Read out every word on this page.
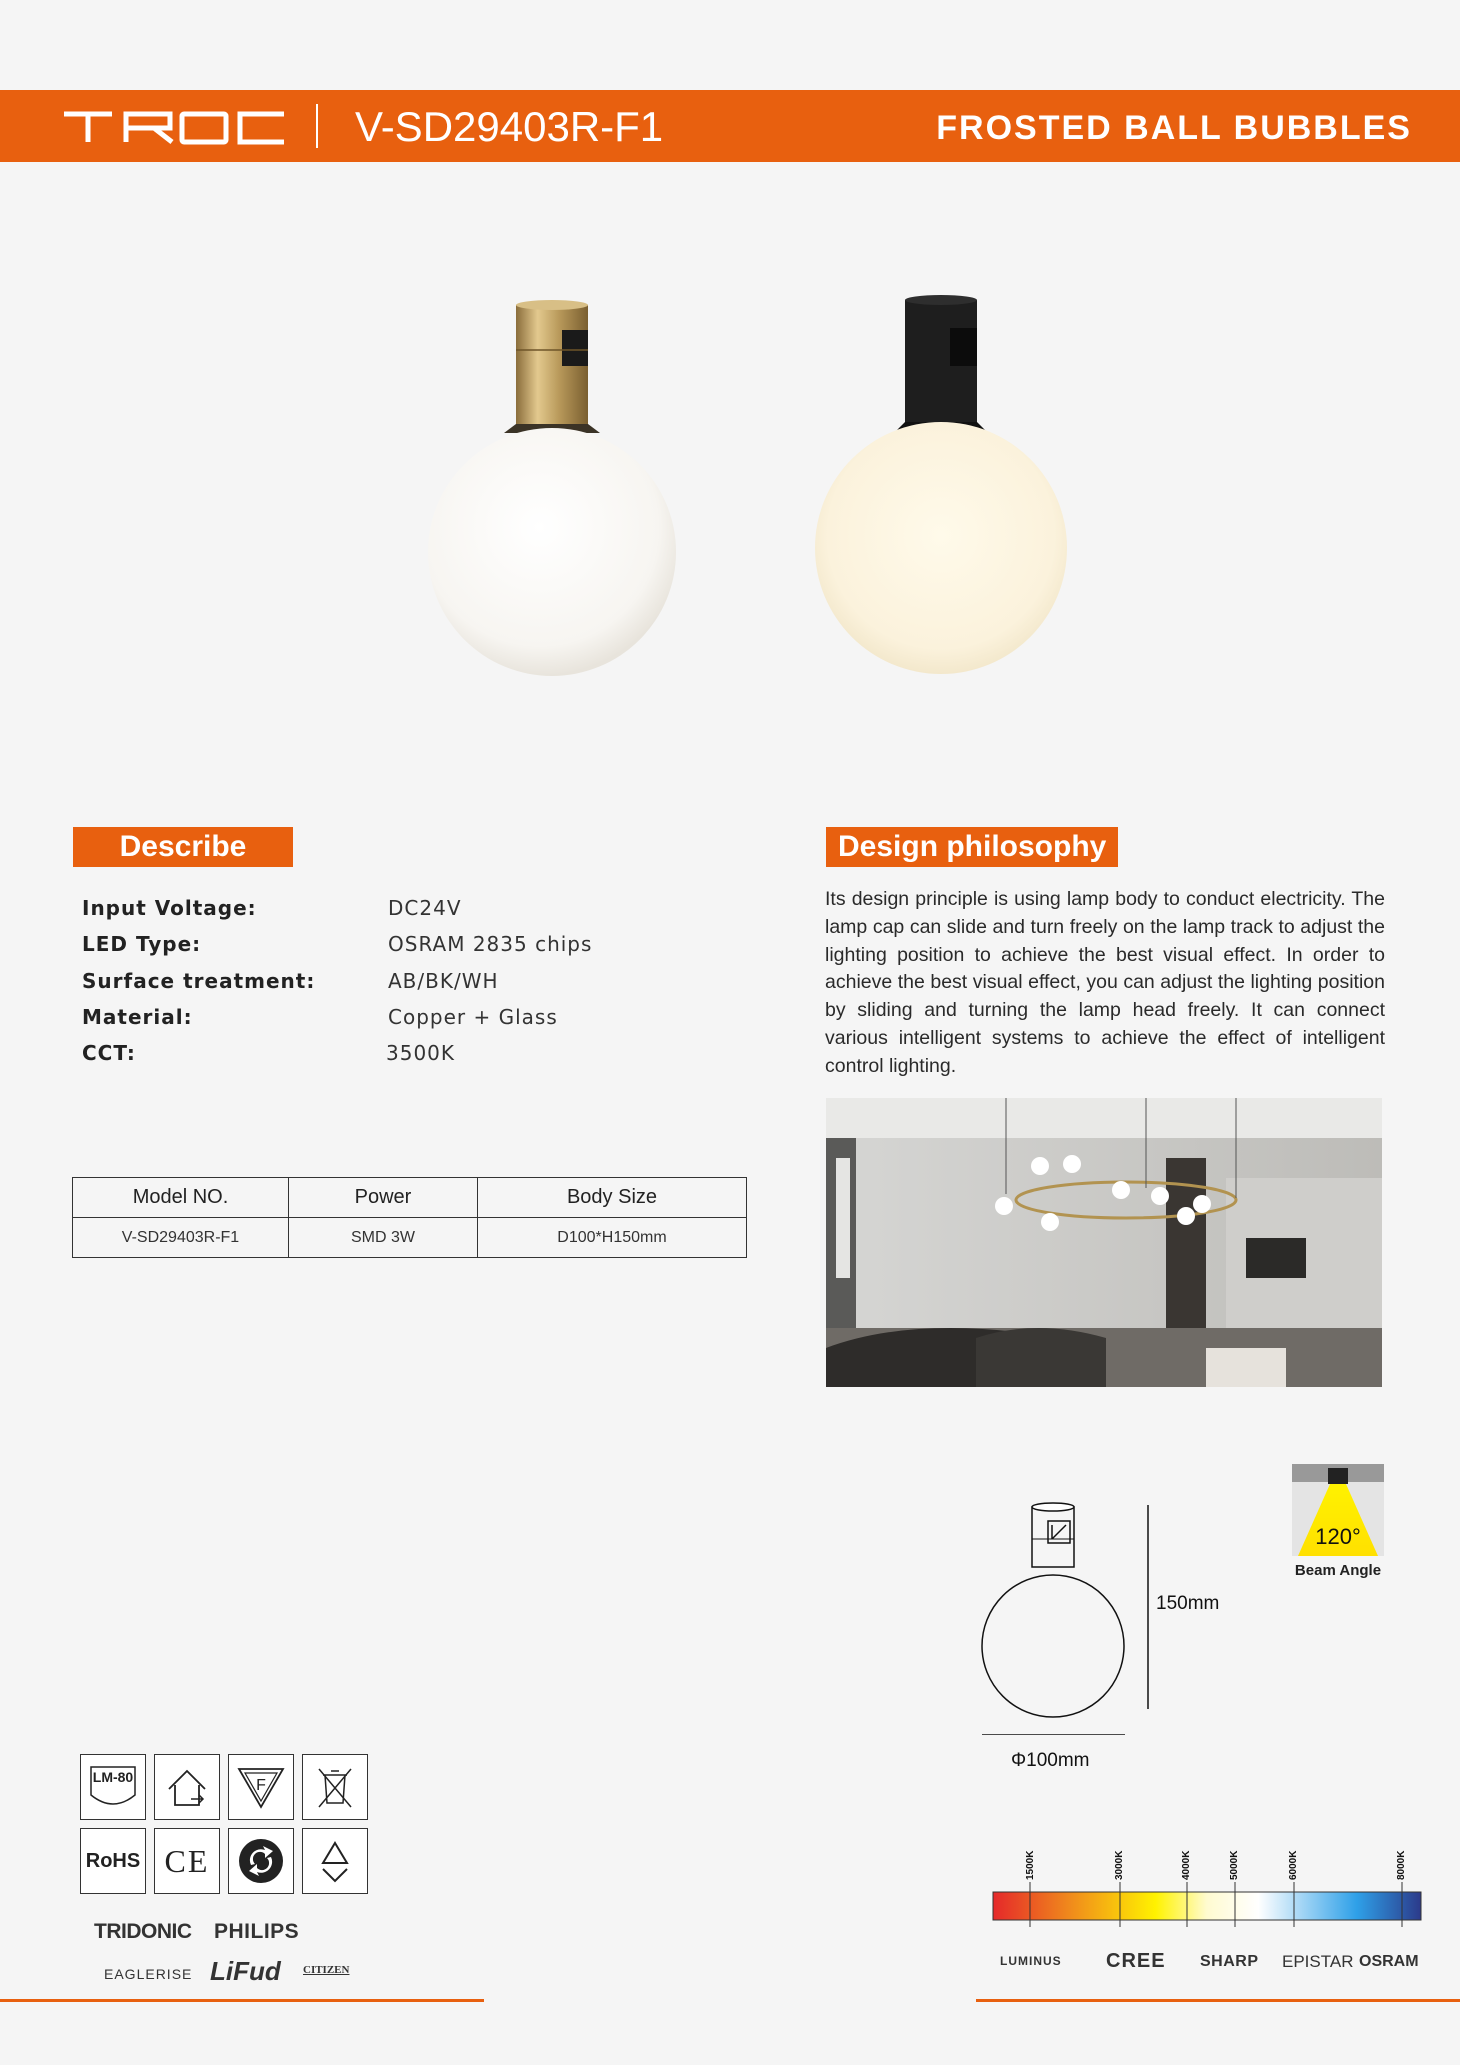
V-SD29403R-F1	FROSTED BALL BUBBLES
Describe
Input Voltage:	DC24V
LED Type:	OSRAM 2835 chips
Surface treatment:	AB/BK/WH
Material:	Copper + Glass
CCT:	3500K
Design philosophy
Its design principle is using lamp body to conduct electricity. The lamp cap can slide and turn freely on the lamp track to adjust the lighting position to achieve the best visual effect. In order to achieve the best visual effect, you can adjust the lighting position by sliding and turning the lamp head freely. It can connect various intelligent systems to achieve the effect of intelligent control lighting.
Model NO.	Power	Body Size
V-SD29403R-F1	SMD 3W	D100*H150mm
150mm
Φ100mm
120°
Beam Angle
1500K	3000K	4000K	5000K	6000K	8000K
LM-80	F
RoHS CE
TRIDONIC PHILIPS
EAGLERISE LiFud CITIZEN
LUMINUS CREE SHARP EPISTAR OSRAM
